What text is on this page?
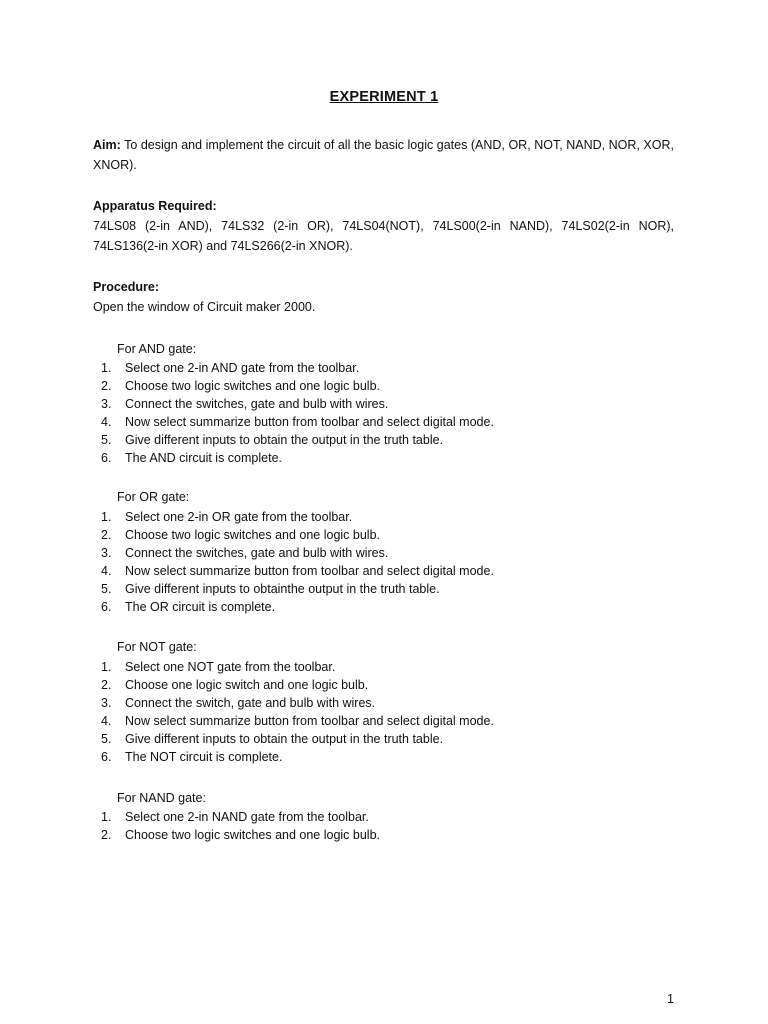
EXPERIMENT 1
Aim: To design and implement the circuit of all the basic logic gates (AND, OR, NOT, NAND, NOR, XOR, XNOR).
Apparatus Required:
74LS08 (2-in AND), 74LS32 (2-in OR), 74LS04(NOT), 74LS00(2-in NAND), 74LS02(2-in NOR), 74LS136(2-in XOR) and 74LS266(2-in XNOR).
Procedure:
Open the window of Circuit maker 2000.
For AND gate:
1.	Select one 2-in AND gate from the toolbar.
2.	Choose two logic switches and one logic bulb.
3.	Connect the switches, gate and bulb with wires.
4.	Now select summarize button from toolbar and select digital mode.
5.	Give different inputs to obtain the output in the truth table.
6.	The AND circuit is complete.
For OR gate:
1.	Select one 2-in OR gate from the toolbar.
2.	Choose two logic switches and one logic bulb.
3.	Connect the switches, gate and bulb with wires.
4.	Now select summarize button from toolbar and select digital mode.
5.	Give different inputs to obtainthe output in the truth table.
6.	The OR circuit is complete.
For NOT gate:
1.	Select one NOT gate from the toolbar.
2.	Choose one logic switch and one logic bulb.
3.	Connect the switch, gate and bulb with wires.
4.	Now select summarize button from toolbar and select digital mode.
5.	Give different inputs to obtain the output in the truth table.
6.	The NOT circuit is complete.
For NAND gate:
1.	Select one 2-in NAND gate from the toolbar.
2.	Choose two logic switches and one logic bulb.
1
